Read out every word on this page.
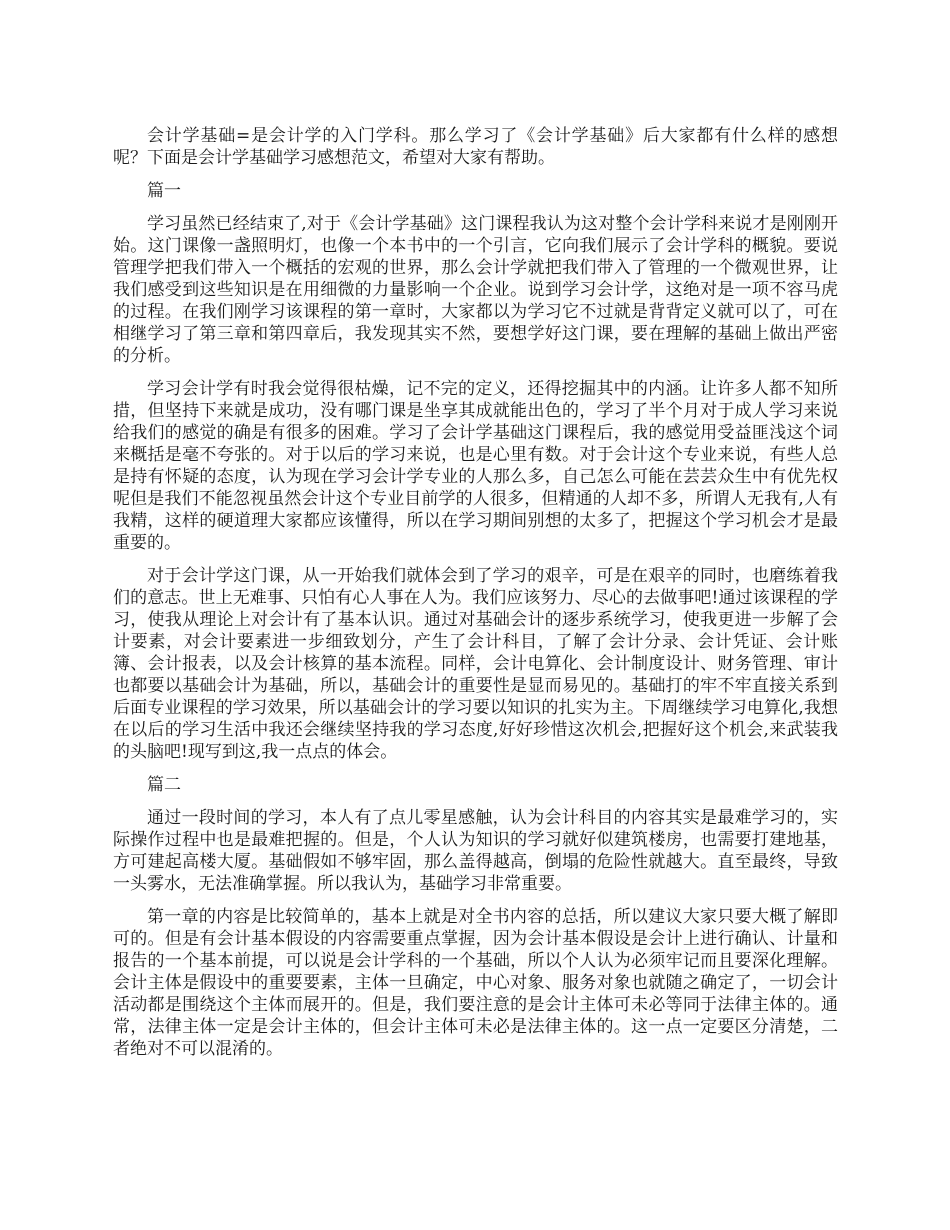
会计学基础=是会计学的入门学科。那么学习了《会计学基础》后大家都有什么样的感想呢？下面是会计学基础学习感想范文，希望对大家有帮助。

篇一

学习虽然已经结束了,对于《会计学基础》这门课程我认为这对整个会计学科来说才是刚刚开始。这门课像一盏照明灯，也像一个本书中的一个引言，它向我们展示了会计学科的概貌。要说管理学把我们带入一个概括的宏观的世界，那么会计学就把我们带入了管理的一个微观世界，让我们感受到这些知识是在用细微的力量影响一个企业。说到学习会计学，这绝对是一项不容马虎的过程。在我们刚学习该课程的第一章时，大家都以为学习它不过就是背背定义就可以了，可在相继学习了第三章和第四章后，我发现其实不然，要想学好这门课，要在理解的基础上做出严密的分析。

学习会计学有时我会觉得很枯燥，记不完的定义，还得挖掘其中的内涵。让许多人都不知所措，但坚持下来就是成功，没有哪门课是坐享其成就能出色的，学习了半个月对于成人学习来说给我们的感觉的确是有很多的困难。学习了会计学基础这门课程后，我的感觉用受益匪浅这个词来概括是毫不夸张的。对于以后的学习来说，也是心里有数。对于会计这个专业来说，有些人总是持有怀疑的态度，认为现在学习会计学专业的人那么多，自己怎么可能在芸芸众生中有优先权呢但是我们不能忽视虽然会计这个专业目前学的人很多，但精通的人却不多，所谓人无我有,人有我精，这样的硬道理大家都应该懂得，所以在学习期间别想的太多了，把握这个学习机会才是最重要的。

对于会计学这门课，从一开始我们就体会到了学习的艰辛，可是在艰辛的同时，也磨练着我们的意志。世上无难事、只怕有心人事在人为。我们应该努力、尽心的去做事吧!通过该课程的学习，使我从理论上对会计有了基本认识。通过对基础会计的逐步系统学习，使我更进一步解了会计要素，对会计要素进一步细致划分，产生了会计科目，了解了会计分录、会计凭证、会计账簿、会计报表，以及会计核算的基本流程。同样，会计电算化、会计制度设计、财务管理、审计也都要以基础会计为基础，所以，基础会计的重要性是显而易见的。基础打的牢不牢直接关系到后面专业课程的学习效果，所以基础会计的学习要以知识的扎实为主。下周继续学习电算化,我想在以后的学习生活中我还会继续坚持我的学习态度,好好珍惜这次机会,把握好这个机会,来武装我的头脑吧!现写到这,我一点点的体会。

篇二

通过一段时间的学习，本人有了点儿零星感触，认为会计科目的内容其实是最难学习的，实际操作过程中也是最难把握的。但是，个人认为知识的学习就好似建筑楼房，也需要打建地基，方可建起高楼大厦。基础假如不够牢固，那么盖得越高，倒塌的危险性就越大。直至最终，导致一头雾水，无法准确掌握。所以我认为，基础学习非常重要。

第一章的内容是比较简单的，基本上就是对全书内容的总括，所以建议大家只要大概了解即可的。但是有会计基本假设的内容需要重点掌握，因为会计基本假设是会计上进行确认、计量和报告的一个基本前提，可以说是会计学科的一个基础，所以个人认为必须牢记而且要深化理解。会计主体是假设中的重要要素，主体一旦确定，中心对象、服务对象也就随之确定了，一切会计活动都是围绕这个主体而展开的。但是，我们要注意的是会计主体可未必等同于法律主体的。通常，法律主体一定是会计主体的，但会计主体可未必是法律主体的。这一点一定要区分清楚，二者绝对不可以混淆的。
